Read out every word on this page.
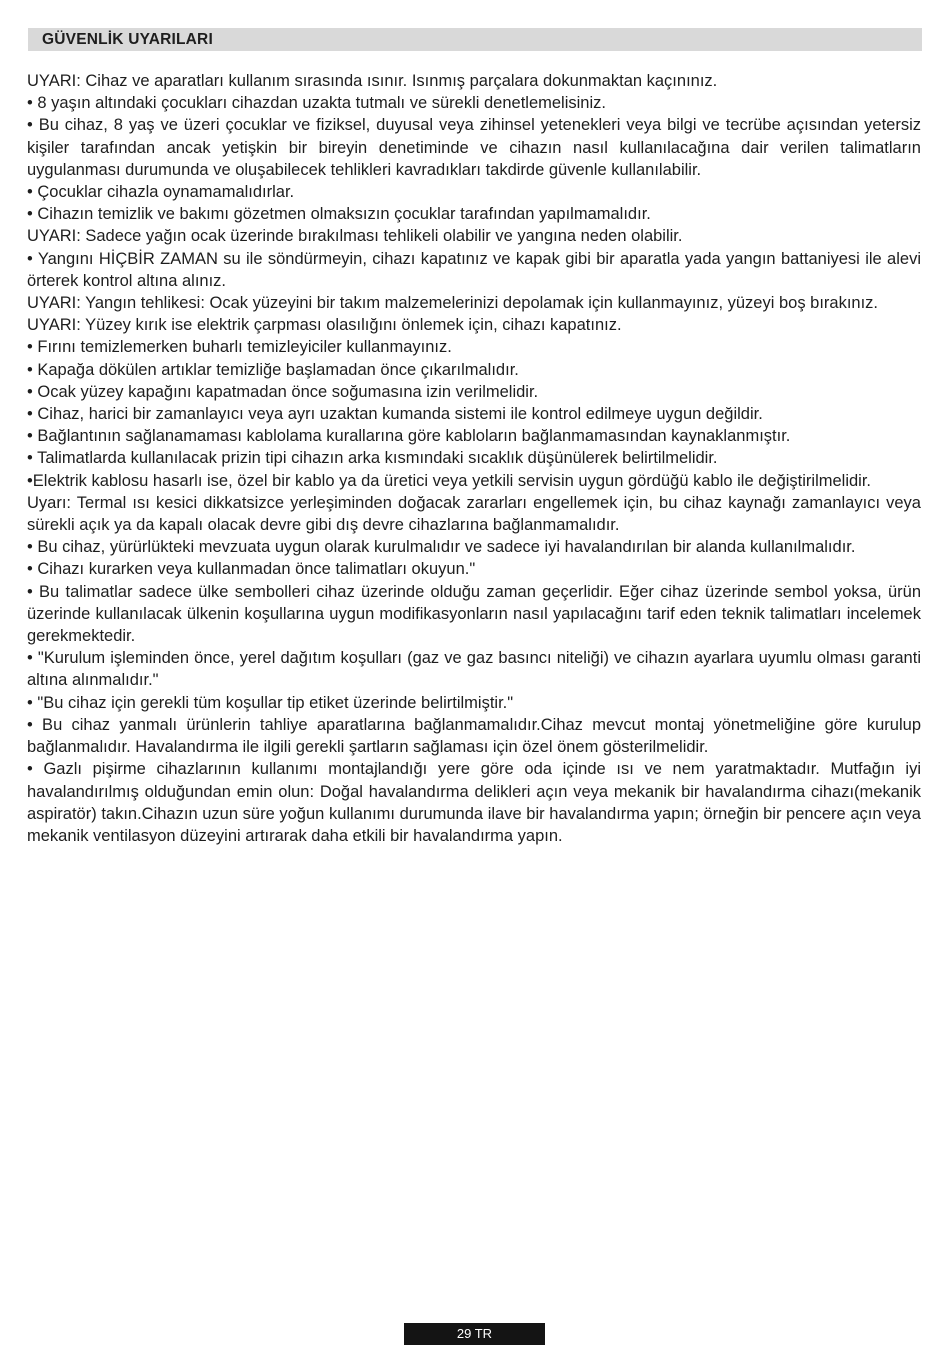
GÜVENLİK UYARILARI

UYARI: Cihaz ve aparatları kullanım sırasında ısınır. Isınmış parçalara dokunmaktan kaçınınız.

• 8 yaşın altındaki çocukları cihazdan uzakta tutmalı ve sürekli denetlemelisiniz.

• Bu cihaz, 8 yaş ve üzeri çocuklar ve fiziksel, duyusal veya zihinsel yetenekleri veya bilgi ve tecrübe açısından yetersiz kişiler tarafından ancak yetişkin bir bireyin denetiminde ve cihazın nasıl kullanılacağına dair verilen talimatların uygulanması durumunda ve oluşabilecek tehlikleri kavradıkları takdirde güvenle kullanılabilir.

• Çocuklar cihazla oynamamalıdırlar.

• Cihazın temizlik ve bakımı gözetmen olmaksızın çocuklar tarafından yapılmamalıdır.

UYARI: Sadece yağın ocak üzerinde bırakılması tehlikeli olabilir ve yangına neden olabilir.

• Yangını HİÇBİR ZAMAN su ile söndürmeyin, cihazı kapatınız ve kapak gibi bir aparatla yada yangın battaniyesi ile alevi örterek kontrol altına alınız.

UYARI: Yangın tehlikesi: Ocak yüzeyini bir takım malzemelerinizi depolamak için kullanmayınız, yüzeyi boş bırakınız.

UYARI: Yüzey kırık ise elektrik çarpması olasılığını önlemek için, cihazı kapatınız.

• Fırını temizlemerken buharlı temizleyiciler kullanmayınız.

• Kapağa dökülen artıklar temizliğe başlamadan önce çıkarılmalıdır.

• Ocak yüzey kapağını kapatmadan önce soğumasına izin verilmelidir.

• Cihaz, harici bir zamanlayıcı veya ayrı uzaktan kumanda sistemi ile kontrol edilmeye uygun değildir.

• Bağlantının sağlanamaması kablolama kurallarına göre kabloların bağlanmamasından kaynaklanmıştır.

• Talimatlarda kullanılacak prizin tipi cihazın arka kısmındaki sıcaklık düşünülerek belirtilmelidir.

•Elektrik kablosu hasarlı ise, özel bir kablo ya da üretici veya yetkili servisin uygun gördüğü kablo ile değiştirilmelidir.

Uyarı: Termal ısı kesici dikkatsizce yerleşiminden doğacak zararları engellemek için, bu cihaz kaynağı zamanlayıcı veya sürekli açık ya da kapalı olacak devre gibi dış devre cihazlarına bağlanmamalıdır.

• Bu cihaz, yürürlükteki mevzuata uygun olarak kurulmalıdır ve sadece iyi havalandırılan bir alanda kullanılmalıdır.

• Cihazı kurarken veya kullanmadan önce talimatları okuyun."

• Bu talimatlar sadece ülke sembolleri cihaz üzerinde olduğu zaman geçerlidir. Eğer cihaz üzerinde sembol yoksa, ürün üzerinde kullanılacak ülkenin koşullarına uygun modifikasyonların nasıl yapılacağını tarif eden teknik talimatları incelemek gerekmektedir.

• "Kurulum işleminden önce, yerel dağıtım koşulları (gaz ve gaz basıncı niteliği) ve cihazın ayarlara uyumlu olması garanti altına alınmalıdır."

• "Bu cihaz için gerekli tüm koşullar tip etiket üzerinde belirtilmiştir."

• Bu cihaz yanmalı ürünlerin tahliye aparatlarına bağlanmamalıdır.Cihaz mevcut montaj yönetmeliğine göre kurulup bağlanmalıdır. Havalandırma ile ilgili gerekli şartların sağlaması için özel önem gösterilmelidir.

• Gazlı pişirme cihazlarının kullanımı montajlandığı yere göre oda içinde ısı ve nem yaratmaktadır. Mutfağın iyi havalandırılmış olduğundan emin olun: Doğal havalandırma delikleri açın veya mekanik bir havalandırma cihazı(mekanik aspiratör) takın.Cihazın uzun süre yoğun kullanımı durumunda ilave bir havalandırma yapın; örneğin bir pencere açın veya mekanik ventilasyon düzeyini artırarak daha etkili bir havalandırma yapın.

29 TR
